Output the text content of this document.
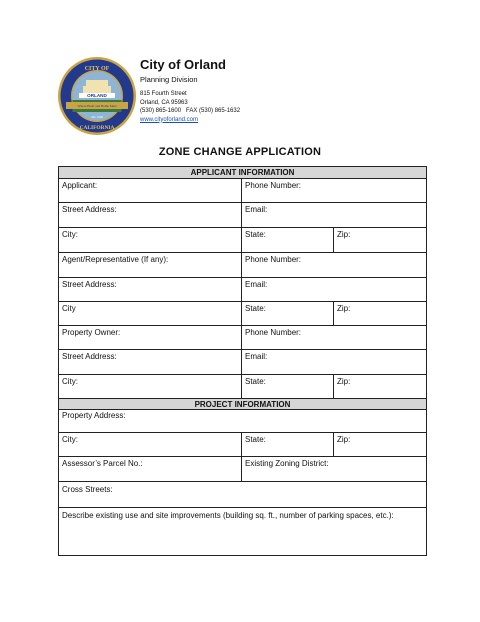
ORLAND
Where Heart and Home Meet
INC. 1909
CITY OF
CALIFORNIA
City of Orland
Planning Division
815 Fourth Street
Orland, CA 95963
(530) 865-1600   FAX (530) 865-1632
www.cityoforland.com
ZONE CHANGE APPLICATION
APPLICANT INFORMATION
Applicant:	Phone Number:
Street Address:	Email:
City:	State:	Zip:
Agent/Representative (If any):	Phone Number:
Street Address:	Email:
City	State:	Zip:
Property Owner:	Phone Number:
Street Address:	Email:
City:	State:	Zip:
PROJECT INFORMATION
Property Address:
City:	State:	Zip:
Assessor’s Parcel No.:	Existing Zoning District:
Cross Streets:
Describe existing use and site improvements (building sq. ft., number of parking spaces, etc.):
